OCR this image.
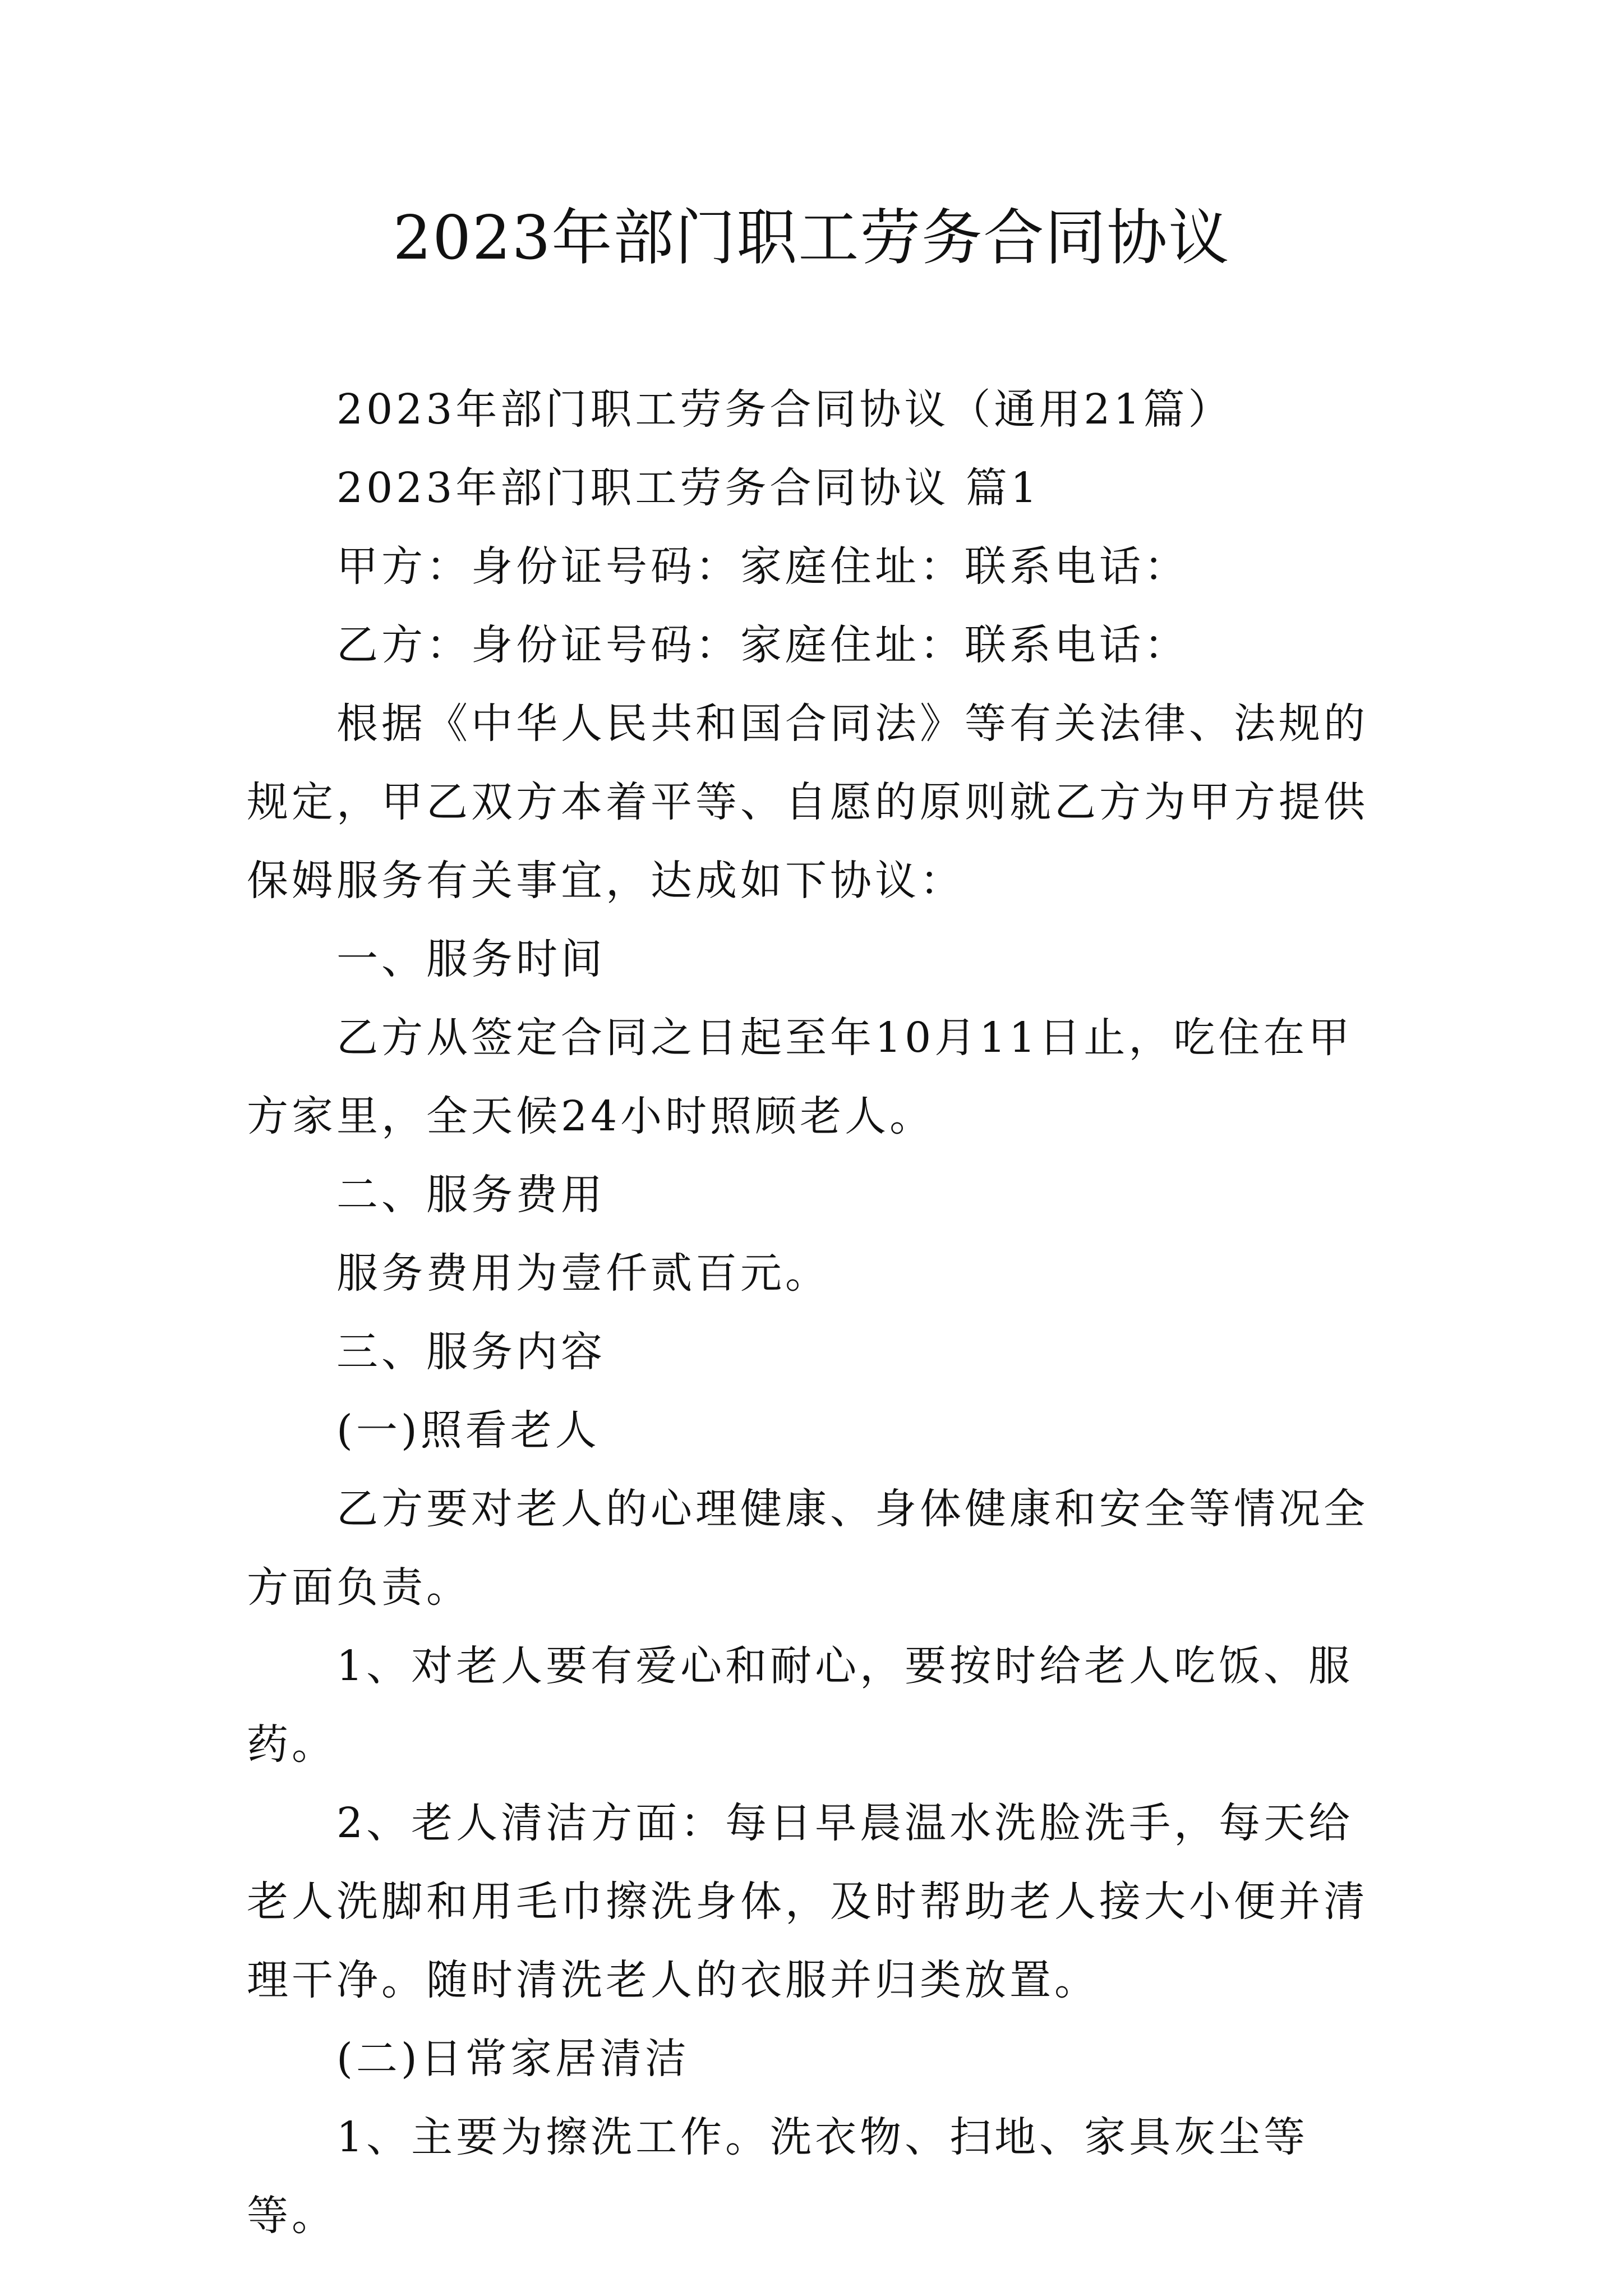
2023年部门职工劳务合同协议

2023年部门职工劳务合同协议（通用21篇）

2023年部门职工劳务合同协议 篇1

甲方：身份证号码：家庭住址：联系电话：

乙方：身份证号码：家庭住址：联系电话：

根据《中华人民共和国合同法》等有关法律、法规的规定，甲乙双方本着平等、自愿的原则就乙方为甲方提供保姆服务有关事宜，达成如下协议：

一、服务时间

乙方从签定合同之日起至年10月11日止，吃住在甲方家里，全天候24小时照顾老人。

二、服务费用

服务费用为壹仟贰百元。

三、服务内容

(一)照看老人

乙方要对老人的心理健康、身体健康和安全等情况全方面负责。

1、对老人要有爱心和耐心，要按时给老人吃饭、服药。

2、老人清洁方面：每日早晨温水洗脸洗手，每天给老人洗脚和用毛巾擦洗身体，及时帮助老人接大小便并清理干净。随时清洗老人的衣服并归类放置。

(二)日常家居清洁

1、主要为擦洗工作。洗衣物、扫地、家具灰尘等等。
